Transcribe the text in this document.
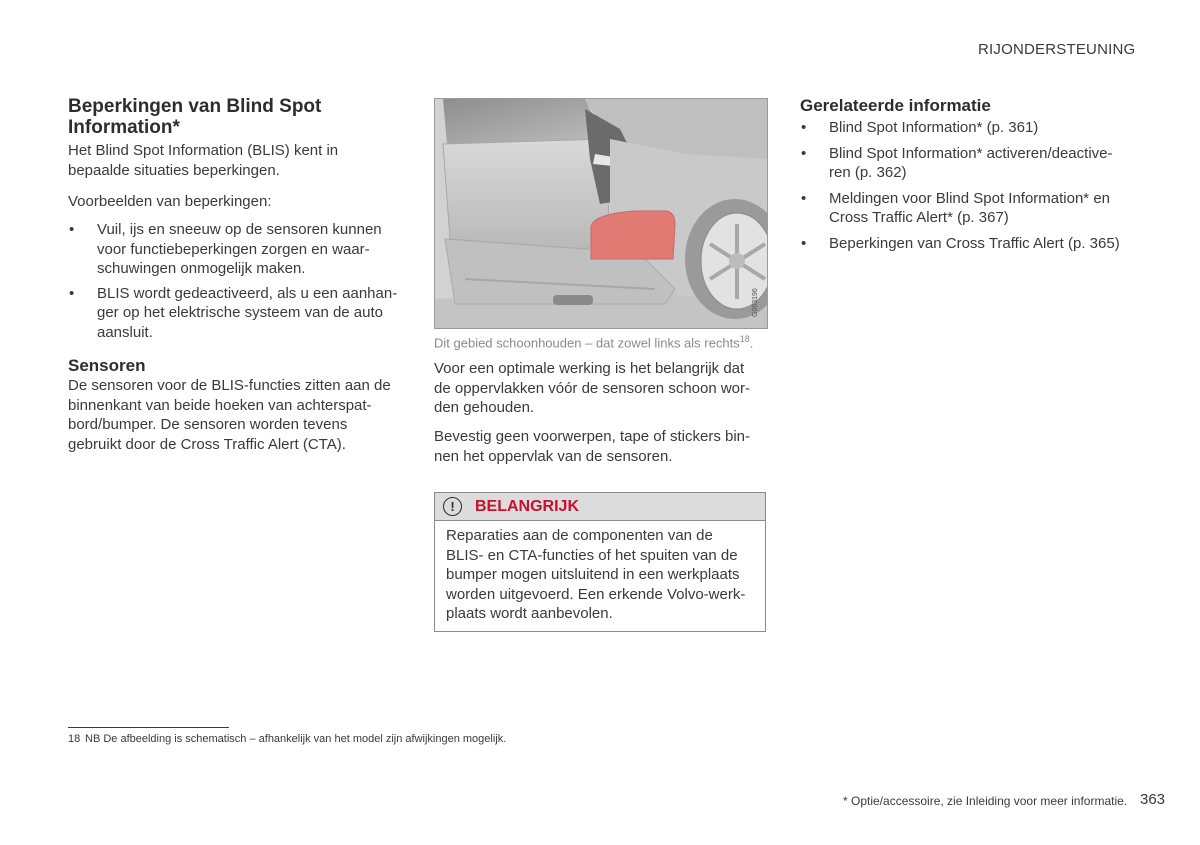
RIJONDERSTEUNING
Beperkingen van Blind Spot Information*
Het Blind Spot Information (BLIS) kent in
bepaalde situaties beperkingen.
Voorbeelden van beperkingen:
• Vuil, ijs en sneeuw op de sensoren kunnen
voor functiebeperkingen zorgen en waar-
schuwingen onmogelijk maken.
• BLIS wordt gedeactiveerd, als u een aanhan-
ger op het elektrische systeem van de auto
aansluit.
Sensoren
De sensoren voor de BLIS-functies zitten aan de
binnenkant van beide hoeken van achterspat-
bord/bumper. De sensoren worden tevens
gebruikt door de Cross Traffic Alert (CTA).
G063196
Dit gebied schoonhouden – dat zowel links als rechts$^{18}$.
Voor een optimale werking is het belangrijk dat
de oppervlakken vóór de sensoren schoon wor-
den gehouden.
Bevestig geen voorwerpen, tape of stickers bin-
nen het oppervlak van de sensoren.
!	BELANGRIJK
Reparaties aan de componenten van de
BLIS- en CTA-functies of het spuiten van de
bumper mogen uitsluitend in een werkplaats
worden uitgevoerd. Een erkende Volvo-werk-
plaats wordt aanbevolen.
Gerelateerde informatie
• Blind Spot Information* (p. 361)
• Blind Spot Information* activeren/deactive-
ren (p. 362)
• Meldingen voor Blind Spot Information* en
Cross Traffic Alert* (p. 367)
• Beperkingen van Cross Traffic Alert (p. 365)
18 NB De afbeelding is schematisch – afhankelijk van het model zijn afwijkingen mogelijk.
* Optie/accessoire, zie Inleiding voor meer informatie. 363
